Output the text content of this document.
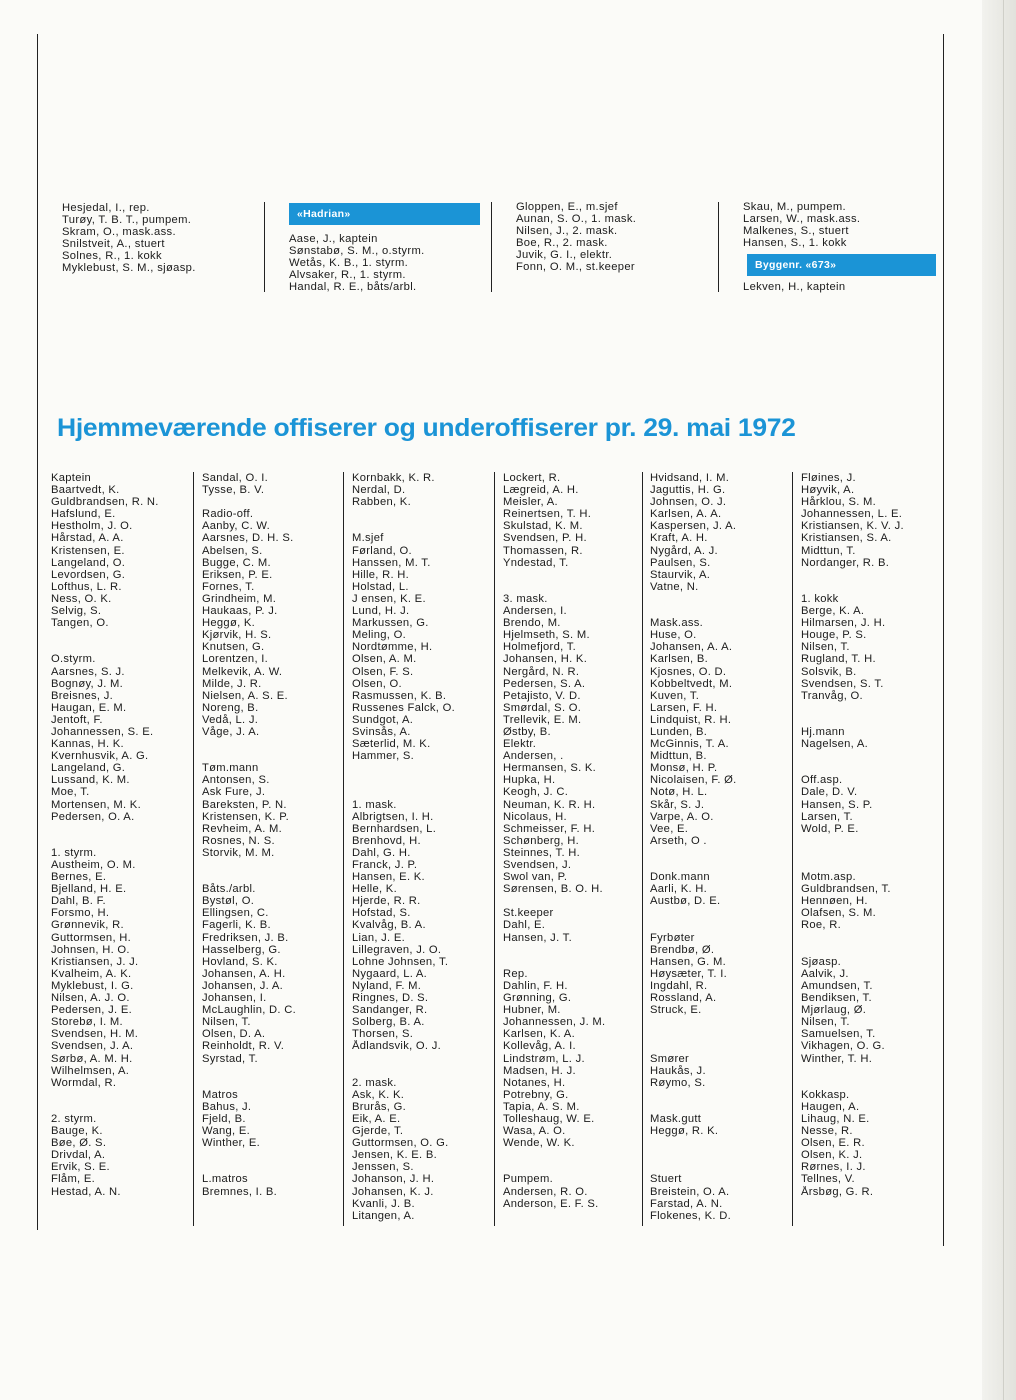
Hesjedal, I., rep.
Turøy, T. B. T., pumpem.
Skram, O., mask.ass.
Snilstveit, A., stuert
Solnes, R., 1. kokk
Myklebust, S. M., sjøasp.
«Hadrian»
Aase, J., kaptein
Sønstabø, S. M., o.styrm.
Wetås, K. B., 1. styrm.
Alvsaker, R., 1. styrm.
Handal, R. E., båts/arbl.
Gloppen, E., m.sjef
Aunan, S. O., 1. mask.
Nilsen, J., 2. mask.
Boe, R., 2. mask.
Juvik, G. I., elektr.
Fonn, O. M., st.keeper
Skau, M., pumpem.
Larsen, W., mask.ass.
Malkenes, S., stuert
Hansen, S., 1. kokk
Byggenr. «673»
Lekven, H., kaptein
Hjemmeværende offiserer og underoffiserer pr. 29. mai 1972
Kaptein
Baartvedt, K.
Guldbrandsen, R. N.
Hafslund, E.
Hestholm, J. O.
Hårstad, A. A.
Kristensen, E.
Langeland, O.
Levordsen, G.
Lofthus, L. R.
Ness, O. K.
Selvig, S.
Tangen, O.
O.styrm.
Aarsnes, S. J.
Bognøy, J. M.
Breisnes, J.
Haugan, E. M.
Jentoft, F.
Johannessen, S. E.
Kannas, H. K.
Kvernhusvik, A. G.
Langeland, G.
Lussand, K. M.
Moe, T.
Mortensen, M. K.
Pedersen, O. A.
1. styrm.
Austheim, O. M.
Bernes, E.
Bjelland, H. E.
Dahl, B. F.
Forsmo, H.
Grønnevik, R.
Guttormsen, H.
Johnsen, H. O.
Kristiansen, J. J.
Kvalheim, A. K.
Myklebust, I. G.
Nilsen, A. J. O.
Pedersen, J. E.
Storebø, I. M.
Svendsen, H. M.
Svendsen, J. A.
Sørbø, A. M. H.
Wilhelmsen, A.
Wormdal, R.
2. styrm.
Bauge, K.
Bøe, Ø. S.
Drivdal, A.
Ervik, S. E.
Flåm, E.
Hestad, A. N.
Sandal, O. I.
Tysse, B. V.
Radio-off.
Aanby, C. W.
Aarsnes, D. H. S.
Abelsen, S.
Bugge, C. M.
Eriksen, P. E.
Fornes, T.
Grindheim, M.
Haukaas, P. J.
Heggø, K.
Kjørvik, H. S.
Knutsen, G.
Lorentzen, I.
Melkevik, A. W.
Milde, J. R.
Nielsen, A. S. E.
Noreng, B.
Vedå, L. J.
Våge, J. A.
Tøm.mann
Antonsen, S.
Ask Fure, J.
Bareksten, P. N.
Kristensen, K. P.
Revheim, A. M.
Rosnes, N. S.
Storvik, M. M.
Båts./arbl.
Bystøl, O.
Ellingsen, C.
Fagerli, K. B.
Fredriksen, J. B.
Hasselberg, G.
Hovland, S. K.
Johansen, A. H.
Johansen, J. A.
Johansen, I.
McLaughlin, D. C.
Nilsen, T.
Olsen, D. A.
Reinholdt, R. V.
Syrstad, T.
Matros
Bahus, J.
Fjeld, B.
Wang, E.
Winther, E.
L.matros
Bremnes, I. B.
Kornbakk, K. R.
Nerdal, D.
Rabben, K.
M.sjef
Førland, O.
Hanssen, M. T.
Hille, R. H.
Holstad, L.
J ensen, K. E.
Lund, H. J.
Markussen, G.
Meling, O.
Nordtømme, H.
Olsen, A. M.
Olsen, F. S.
Olsen, O.
Rasmussen, K. B.
Russenes Falck, O.
Sundgot, A.
Svinsås, A.
Sæterlid, M. K.
Hammer, S.
1. mask.
Albrigtsen, I. H.
Bernhardsen, L.
Brenhovd, H.
Dahl, G. H.
Franck, J. P.
Hansen, E. K.
Helle, K.
Hjerde, R. R.
Hofstad, S.
Kvalvåg, B. A.
Lian, J. E.
Lillegraven, J. O.
Lohne Johnsen, T.
Nygaard, L. A.
Nyland, F. M.
Ringnes, D. S.
Sandanger, R.
Solberg, B. A.
Thorsen, S.
Ådlandsvik, O. J.
2. mask.
Ask, K. K.
Brurås, G.
Eik, A. E.
Gjerde, T.
Guttormsen, O. G.
Jensen, K. E. B.
Jenssen, S.
Johanson, J. H.
Johansen, K. J.
Kvanli, J. B.
Litangen, A.
Lockert, R.
Lægreid, A. H.
Meisler, A.
Reinertsen, T. H.
Skulstad, K. M.
Svendsen, P. H.
Thomassen, R.
Yndestad, T.
3. mask.
Andersen, I.
Brendo, M.
Hjelmseth, S. M.
Holmefjord, T.
Johansen, H. K.
Nergård, N. R.
Pedersen, S. A.
Petajisto, V. D.
Smørdal, S. O.
Trellevik, E. M.
Østby, B.
Elektr.
Andersen, .
Hermansen, S. K.
Hupka, H.
Keogh, J. C.
Neuman, K. R. H.
Nicolaus, H.
Schmeisser, F. H.
Schønberg, H.
Steinnes, T. H.
Svendsen, J.
Swol van, P.
Sørensen, B. O. H.
St.keeper
Dahl, E.
Hansen, J. T.
Rep.
Dahlin, F. H.
Grønning, G.
Hubner, M.
Johannessen, J. M.
Karlsen, K. A.
Kollevåg, A. I.
Lindstrøm, L. J.
Madsen, H. J.
Notanes, H.
Potrebny, G.
Tapia, A. S. M.
Tolleshaug, W. E.
Wasa, A. O.
Wende, W. K.
Pumpem.
Andersen, R. O.
Anderson, E. F. S.
Hvidsand, I. M.
Jaguttis, H. G.
Johnsen, O. J.
Karlsen, A. A.
Kaspersen, J. A.
Kraft, A. H.
Nygård, A. J.
Paulsen, S.
Staurvik, A.
Vatne, N.
Mask.ass.
Huse, O.
Johansen, A. A.
Karlsen, B.
Kjosnes, O. D.
Kobbeltvedt, M.
Kuven, T.
Larsen, F. H.
Lindquist, R. H.
Lunden, B.
McGinnis, T. A.
Midttun, B.
Monsø, H. P.
Nicolaisen, F. Ø.
Notø, H. L.
Skår, S. J.
Varpe, A. O.
Vee, E.
Arseth, O .
Donk.mann
Aarli, K. H.
Austbø, D. E.
Fyrbøter
Brendbø, Ø.
Hansen, G. M.
Høysæter, T. I.
Ingdahl, R.
Rossland, A.
Struck, E.
Smører
Haukås, J.
Røymo, S.
Mask.gutt
Heggø, R. K.
Stuert
Breistein, O. A.
Farstad, A. N.
Flokenes, K. D.
Fløines, J.
Høyvik, A.
Hårklou, S. M.
Johannessen, L. E.
Kristiansen, K. V. J.
Kristiansen, S. A.
Midttun, T.
Nordanger, R. B.
1. kokk
Berge, K. A.
Hilmarsen, J. H.
Houge, P. S.
Nilsen, T.
Rugland, T. H.
Solsvik, B.
Svendsen, S. T.
Tranvåg, O.
Hj.mann
Nagelsen, A.
Off.asp.
Dale, D. V.
Hansen, S. P.
Larsen, T.
Wold, P. E.
Motm.asp.
Guldbrandsen, T.
Hennøen, H.
Olafsen, S. M.
Roe, R.
Sjøasp.
Aalvik, J.
Amundsen, T.
Bendiksen, T.
Mjørlaug, Ø.
Nilsen, T.
Samuelsen, T.
Vikhagen, O. G.
Winther, T. H.
Kokkasp.
Haugen, A.
Lihaug, N. E.
Nesse, R.
Olsen, E. R.
Olsen, K. J.
Rørnes, I. J.
Tellnes, V.
Årsbøg, G. R.
